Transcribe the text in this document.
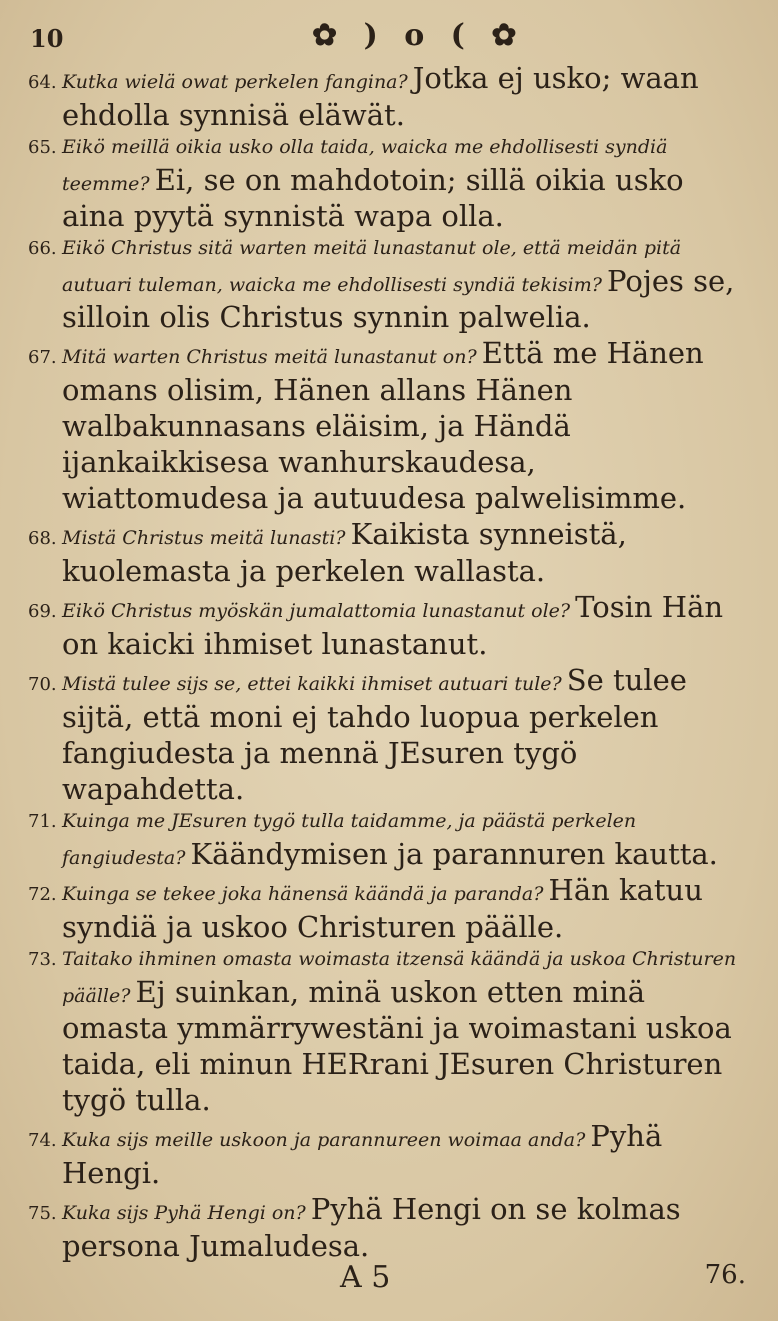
10	✿ ) o ( ✿

64. Kutka wielä owat perkelen fangina? Jotka ej usko; waan ehdolla synnisä eläwät.

65. Eikö meillä oikia usko olla taida, waicka me ehdollisesti syndiä teemme? Ei, se on mahdotoin; sillä oikia usko aina pyytä synnistä wapa olla.

66. Eikö Christus sitä warten meitä lunastanut ole, että meidän pitä autuari tuleman, waicka me ehdollisesti syndiä tekisim? Pojes se, silloin olis Christus synnin palwelia.

67. Mitä warten Christus meitä lunastanut on? Että me Hänen omans olisim, Hänen allans Hänen walbakunnasans eläisim, ja Händä ijankaikkisesa wanhurskaudesa, wiattomudesa ja autuudesa palwelisimme.

68. Mistä Christus meitä lunasti? Kaikista synneistä, kuolemasta ja perkelen wallasta.

69. Eikö Christus myöskän jumalattomia lunastanut ole? Tosin Hän on kaicki ihmiset lunastanut.

70. Mistä tulee sijs se, ettei kaikki ihmiset autuari tule? Se tulee sijtä, että moni ej tahdo luopua perkelen fangiudesta ja mennä JEsuren tygö wapahdetta.

71. Kuinga me JEsuren tygö tulla taidamme, ja päästä perkelen fangiudesta? Käändymisen ja parannuren kautta.

72. Kuinga se tekee joka hänensä käändä ja paranda? Hän katuu syndiä ja uskoo Christuren päälle.

73. Taitako ihminen omasta woimasta itzensä käändä ja uskoa Christuren päälle? Ej suinkan, minä uskon etten minä omasta ymmärrywestäni ja woimastani uskoa taida, eli minun HERrani JEsuren Christuren tygö tulla.

74. Kuka sijs meille uskoon ja parannureen woimaa anda? Pyhä Hengi.

75. Kuka sijs Pyhä Hengi on? Pyhä Hengi on se kolmas persona Jumaludesa.

A 5	76.
